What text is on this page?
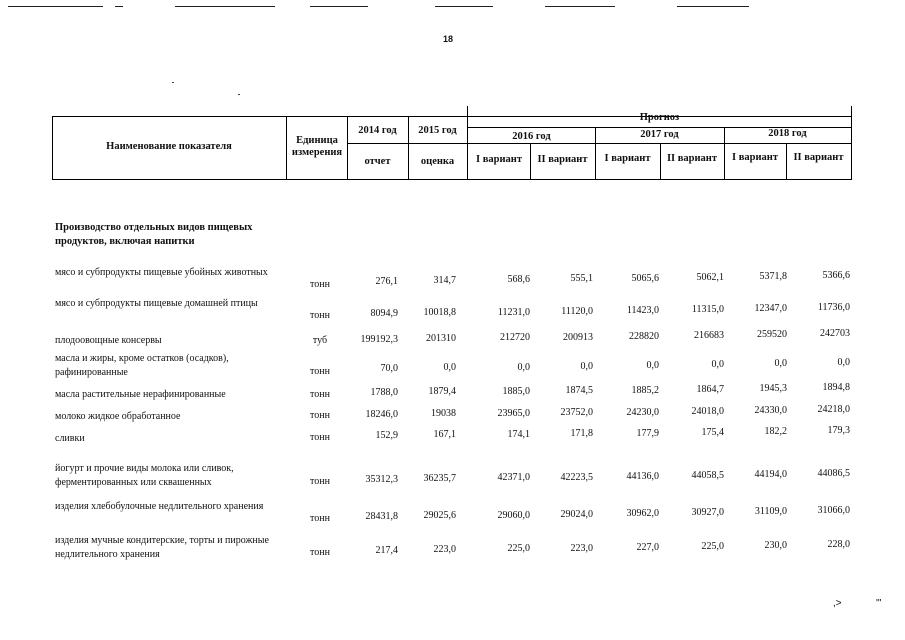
18
Наименование показателя
Единица измерения
2014 год	2015 год
Прогноз
2016 год	2017 год	2018 год
отчет	оценка	I вариант	II вариант	I вариант	II вариант	I вариант	II вариант
Производство отдельных видов пищевых продуктов, включая напитки
мясо и субпродукты пищевые убойных животных
тонн	276,1	314,7	568,6	555,1	5065,6	5062,1	5371,8	5366,6
мясо и субпродукты пищевые домашней птицы
тонн	8094,9	10018,8	11231,0	11120,0	11423,0	11315,0	12347,0	11736,0
плодоовощные консервы	туб	199192,3	201310	212720	200913	228820	216683	259520	242703
масла и жиры, кроме остатков (осадков), рафинированные	тонн	70,0	0,0	0,0	0,0	0,0	0,0	0,0	0,0
масла растительные нерафинированные	тонн	1788,0	1879,4	1885,0	1874,5	1885,2	1864,7	1945,3	1894,8
молоко жидкое обработанное	тонн	18246,0	19038	23965,0	23752,0	24230,0	24018,0	24330,0	24218,0
сливки	тонн	152,9	167,1	174,1	171,8	177,9	175,4	182,2	179,3
йогурт и прочие виды молока или сливок, ферментированных или сквашенных	тонн	35312,3	36235,7	42371,0	42223,5	44136,0	44058,5	44194,0	44086,5
изделия хлебобулочные недлительного хранения
тонн	28431,8	29025,6	29060,0	29024,0	30962,0	30927,0	31109,0	31066,0
изделия мучные кондитерские, торты и пирожные недлительного хранения	тонн	217,4	223,0	225,0	223,0	227,0	225,0	230,0	228,0
,>	'"
